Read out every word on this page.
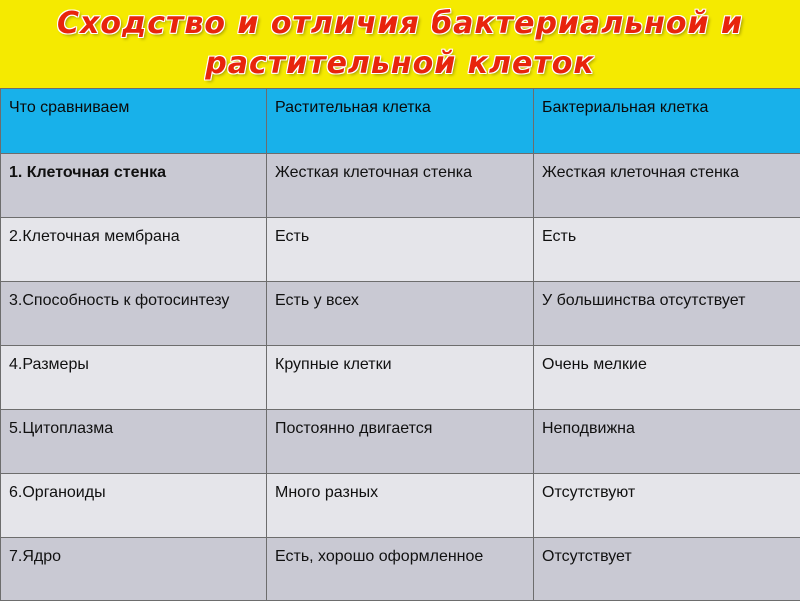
Сходство и отличия бактериальной и
растительной клеток
Что сравниваем	Растительная клетка	Бактериальная клетка
1. Клеточная стенка	Жесткая клеточная стенка	Жесткая клеточная стенка
2.Клеточная мембрана	Есть	Есть
3.Способность к фотосинтезу	Есть у всех	У большинства отсутствует
4.Размеры	Крупные клетки	Очень мелкие
5.Цитоплазма	Постоянно двигается	Неподвижна
6.Органоиды	Много разных	Отсутствуют
7.Ядро	Есть, хорошо оформленное	Отсутствует
